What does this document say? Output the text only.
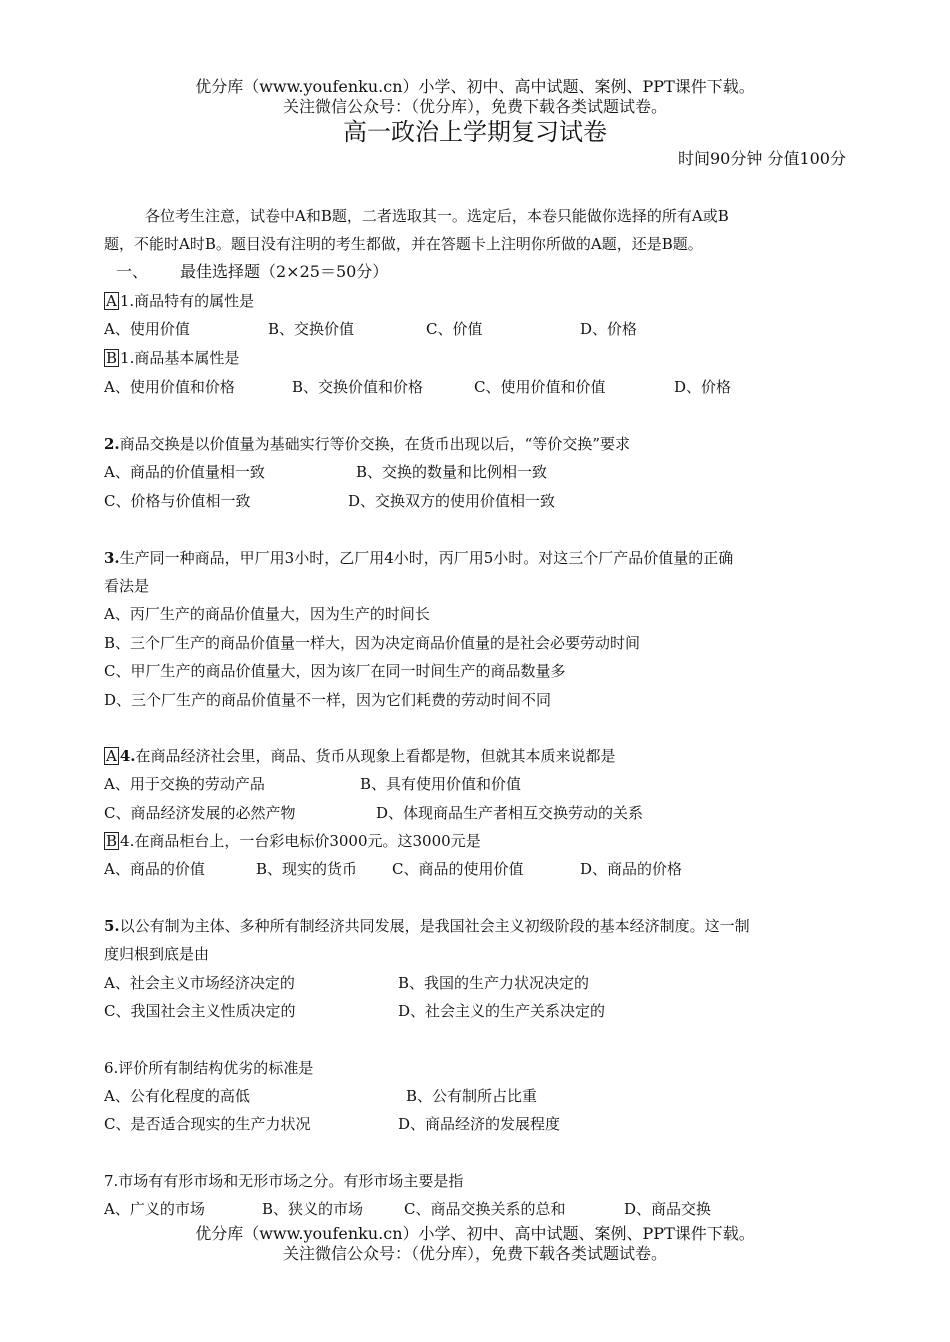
优分库（www.youfenku.cn）小学、初中、高中试题、案例、PPT课件下载。
关注微信公众号：（优分库），免费下载各类试题试卷。
高一政治上学期复习试卷
时间90分钟 分值100分
各位考生注意，试卷中A和B题，二者选取其一。选定后，本卷只能做你选择的所有A或B
题，不能时A时B。题目没有注明的考生都做，并在答题卡上注明你所做的A题，还是B题。
一、 最佳选择题（2×25＝50分）
A 1.商品特有的属性是
A、使用价值	B、交换价值	C、价值	D、价格
B 1.商品基本属性是
A、使用价值和价格	B、交换价值和价格	C、使用价值和价值	D、价格
2.商品交换是以价值量为基础实行等价交换，在货币出现以后，“等价交换”要求
A、商品的价值量相一致	B、交换的数量和比例相一致
C、价格与价值相一致	D、交换双方的使用价值相一致
3.生产同一种商品，甲厂用3小时，乙厂用4小时，丙厂用5小时。对这三个厂产品价值量的正确
看法是
A、丙厂生产的商品价值量大，因为生产的时间长
B、三个厂生产的商品价值量一样大，因为决定商品价值量的是社会必要劳动时间
C、甲厂生产的商品价值量大，因为该厂在同一时间生产的商品数量多
D、三个厂生产的商品价值量不一样，因为它们耗费的劳动时间不同
A 4.在商品经济社会里，商品、货币从现象上看都是物，但就其本质来说都是
A、用于交换的劳动产品	B、具有使用价值和价值
C、商品经济发展的必然产物	D、体现商品生产者相互交换劳动的关系
B 4.在商品柜台上，一台彩电标价3000元。这3000元是
A、商品的价值	B、现实的货币 C、商品的使用价值	D、商品的价格
5.以公有制为主体、多种所有制经济共同发展，是我国社会主义初级阶段的基本经济制度。这一制
度归根到底是由
A、社会主义市场经济决定的	B、我国的生产力状况决定的
C、我国社会主义性质决定的	D、社会主义的生产关系决定的
6.评价所有制结构优劣的标准是
A、公有化程度的高低	B、公有制所占比重
C、是否适合现实的生产力状况	D、商品经济的发展程度
7.市场有有形市场和无形市场之分。有形市场主要是指
A、广义的市场	B、狭义的市场	C、商品交换关系的总和	D、商品交换
优分库（www.youfenku.cn）小学、初中、高中试题、案例、PPT课件下载。
关注微信公众号：（优分库），免费下载各类试题试卷。
